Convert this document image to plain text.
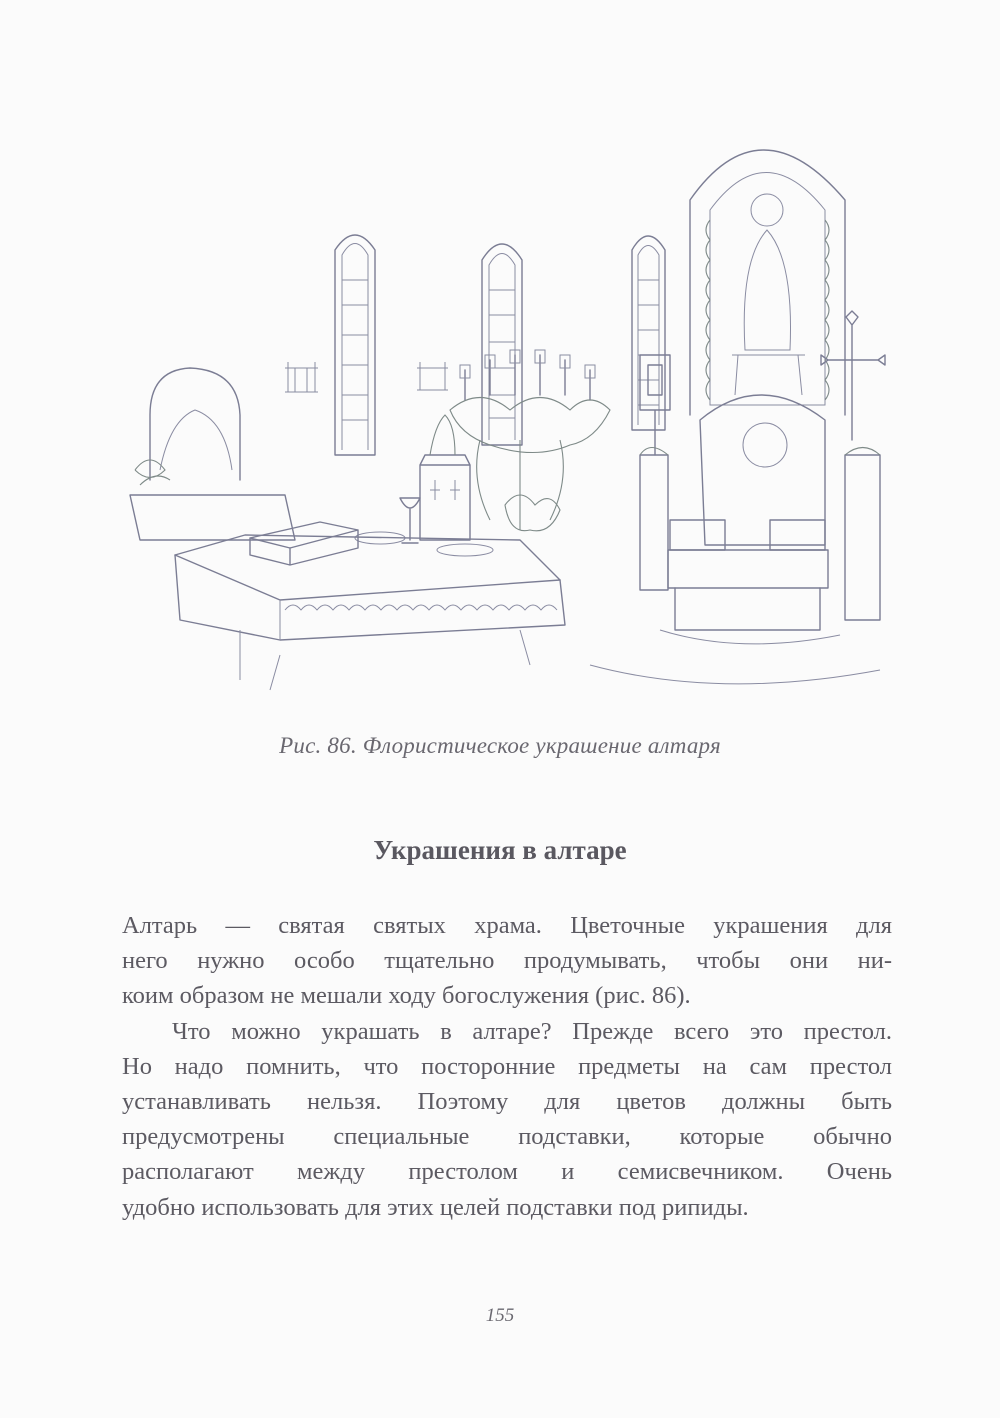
Рис. 86. Флористическое украшение алтаря
Украшения в алтаре
Алтарь — святая святых храма. Цветочные украшения для
него нужно особо тщательно продумывать, чтобы они ни-
коим образом не мешали ходу богослужения (рис. 86).
Что можно украшать в алтаре? Прежде всего это престол.
Но надо помнить, что посторонние предметы на сам престол
устанавливать нельзя. Поэтому для цветов должны быть
предусмотрены специальные подставки, которые обычно
располагают между престолом и семисвечником. Очень
удобно использовать для этих целей подставки под рипиды.
155
